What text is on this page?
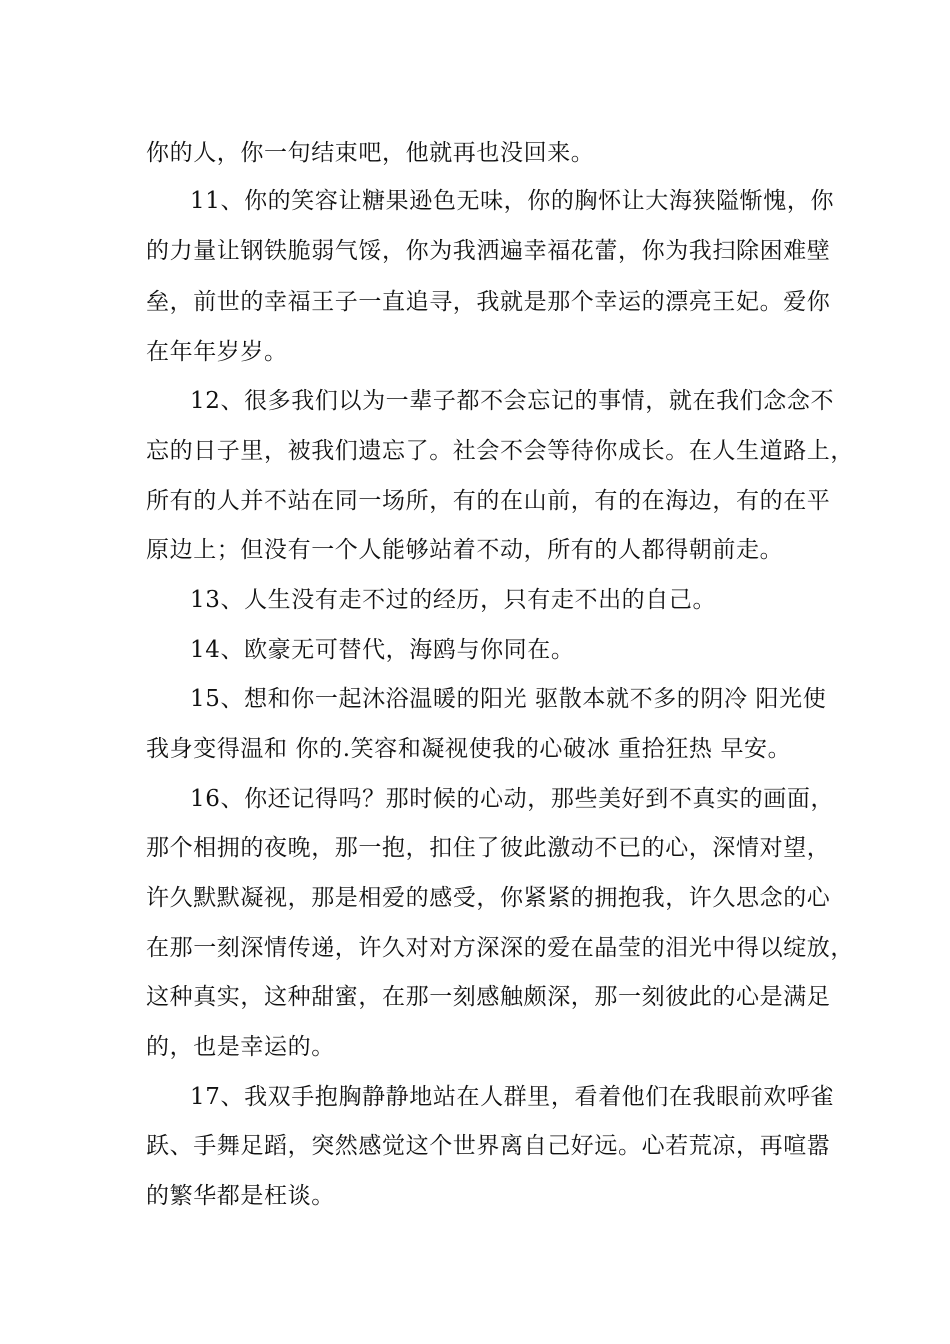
你的人，你一句结束吧，他就再也没回来。
11、你的笑容让糖果逊色无味，你的胸怀让大海狭隘惭愧，你
的力量让钢铁脆弱气馁，你为我洒遍幸福花蕾，你为我扫除困难壁
垒，前世的幸福王子一直追寻，我就是那个幸运的漂亮王妃。爱你
在年年岁岁。
12、很多我们以为一辈子都不会忘记的事情，就在我们念念不
忘的日子里，被我们遗忘了。社会不会等待你成长。在人生道路上，
所有的人并不站在同一场所，有的在山前，有的在海边，有的在平
原边上；但没有一个人能够站着不动，所有的人都得朝前走。
13、人生没有走不过的经历，只有走不出的自己。
14、欧豪无可替代，海鸥与你同在。
15、想和你一起沐浴温暖的阳光 驱散本就不多的阴冷 阳光使
我身变得温和 你的.笑容和凝视使我的心破冰 重拾狂热 早安。
16、你还记得吗？那时候的心动，那些美好到不真实的画面，
那个相拥的夜晚，那一抱，扣住了彼此激动不已的心，深情对望，
许久默默凝视，那是相爱的感受，你紧紧的拥抱我，许久思念的心
在那一刻深情传递，许久对对方深深的爱在晶莹的泪光中得以绽放，
这种真实，这种甜蜜，在那一刻感触颇深，那一刻彼此的心是满足
的，也是幸运的。
17、我双手抱胸静静地站在人群里，看着他们在我眼前欢呼雀
跃、手舞足蹈，突然感觉这个世界离自己好远。心若荒凉，再喧嚣
的繁华都是枉谈。
